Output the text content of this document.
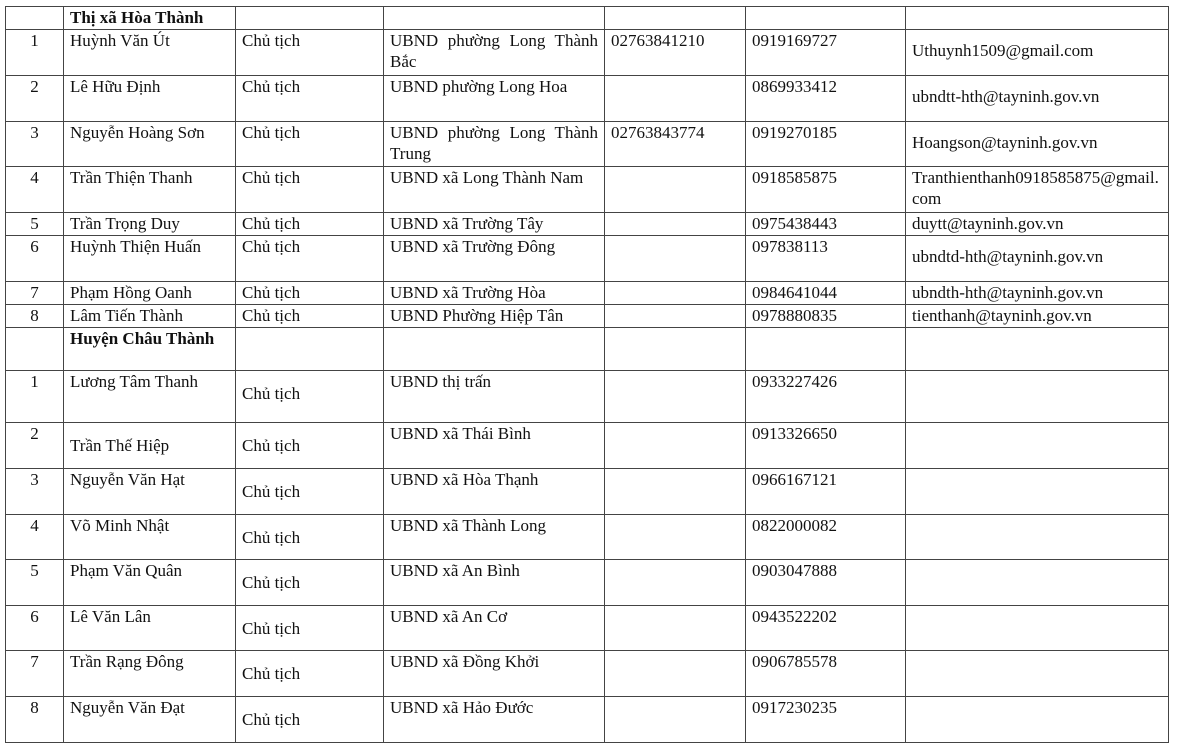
	Thị xã Hòa Thành					
1	Huỳnh Văn Út	Chủ tịch	UBND phường Long Thành Bắc	02763841210	0919169727	Uthuynh1509@gmail.com
2	Lê Hữu Định	Chủ tịch	UBND phường Long Hoa		0869933412	ubndtt-hth@tayninh.gov.vn
3	Nguyễn Hoàng Sơn	Chủ tịch	UBND phường Long Thành Trung	02763843774	0919270185	Hoangson@tayninh.gov.vn
4	Trần Thiện Thanh	Chủ tịch	UBND xã Long Thành Nam		0918585875	Tranthienthanh0918585875@gmail.com
5	Trần Trọng Duy	Chủ tịch	UBND xã Trường Tây		0975438443	duytt@tayninh.gov.vn
6	Huỳnh Thiện Huấn	Chủ tịch	UBND xã Trường Đông		097838113	ubndtd-hth@tayninh.gov.vn
7	Phạm Hồng Oanh	Chủ tịch	UBND xã Trường Hòa		0984641044	ubndth-hth@tayninh.gov.vn
8	Lâm Tiến Thành	Chủ tịch	UBND Phường Hiệp Tân		0978880835	tienthanh@tayninh.gov.vn
	Huyện Châu Thành					
1	Lương Tâm Thanh	Chủ tịch	UBND thị trấn		0933227426	
2	Trần Thế Hiệp	Chủ tịch	UBND xã Thái Bình		0913326650	
3	Nguyễn Văn Hạt	Chủ tịch	UBND xã Hòa Thạnh		0966167121	
4	Võ Minh Nhật	Chủ tịch	UBND xã Thành Long		0822000082	
5	Phạm Văn Quân	Chủ tịch	UBND xã An Bình		0903047888	
6	Lê Văn Lân	Chủ tịch	UBND xã An Cơ		0943522202	
7	Trần Rạng Đông	Chủ tịch	UBND xã Đồng Khởi		0906785578	
8	Nguyễn Văn Đạt	Chủ tịch	UBND xã Hảo Đước		0917230235	
